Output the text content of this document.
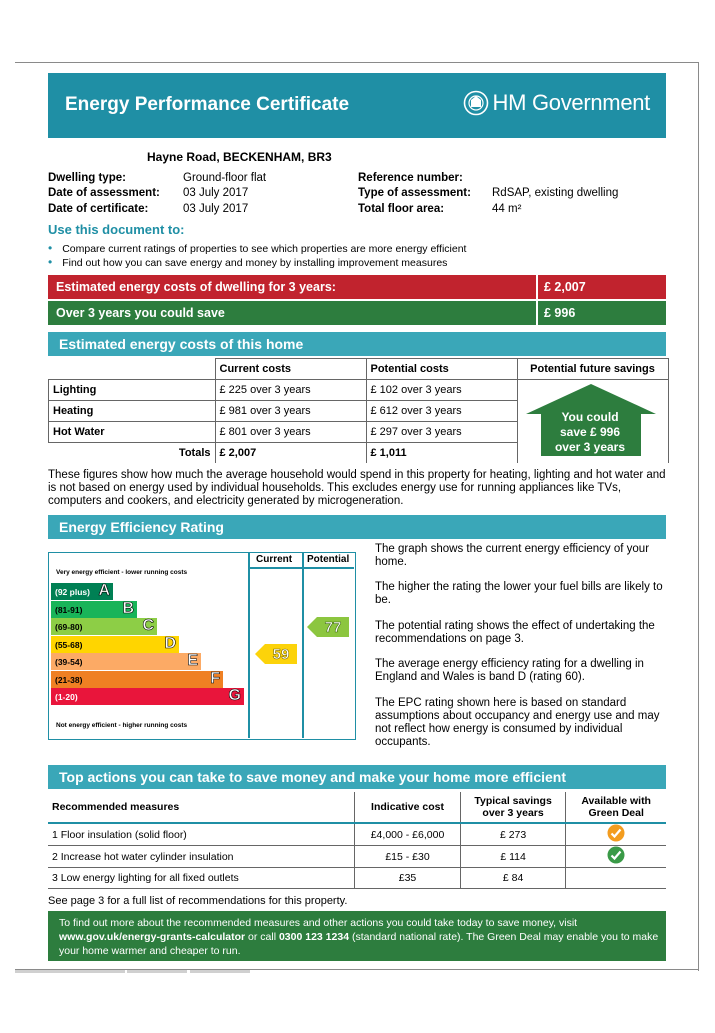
Energy Performance Certificate	HM Government
Hayne Road, BECKENHAM, BR3
Dwelling type:	Ground-floor flat
Date of assessment: 03 July 2017
Date of certificate:	03 July 2017
Reference number:
Type of assessment: RdSAP, existing dwelling
Total floor area:	44 m²
Use this document to:
• Compare current ratings of properties to see which properties are more energy efficient
• Find out how you can save energy and money by installing improvement measures
Estimated energy costs of dwelling for 3 years:	£ 2,007
Over 3 years you could save	£ 996
Estimated energy costs of this home
	Current costs	Potential costs	Potential future savings
Lighting	£ 225 over 3 years	£ 102 over 3 years	
Heating	£ 981 over 3 years	£ 612 over 3 years	
Hot Water	£ 801 over 3 years	£ 297 over 3 years	
Totals	£ 2,007	£ 1,011	
You could
save £ 996
over 3 years
These figures show how much the average household would spend in this property for heating, lighting and hot water and is not based on energy used by individual households. This excludes energy use for running appliances like TVs, computers and cookers, and electricity generated by microgeneration.
Energy Efficiency Rating
Current Potential
Very energy efficient - lower running costs
Not energy efficient - higher running costs
(92 plus) A
(81-91)	B
(69-80)	C
(55-68)	D
(39-54)	E
(21-38)	F
(1-20)	G
59
77
The graph shows the current energy efficiency of your home.
The higher the rating the lower your fuel bills are likely to be.
The potential rating shows the effect of undertaking the recommendations on page 3.
The average energy efficiency rating for a dwelling in England and Wales is band D (rating 60).
The EPC rating shown here is based on standard assumptions about occupancy and energy use and may not reflect how energy is consumed by individual occupants.
Top actions you can take to save money and make your home more efficient
Recommended measures	Indicative cost	Typical savings over 3 years	Available with Green Deal
1 Floor insulation (solid floor)	£4,000 - £6,000	£ 273	
2 Increase hot water cylinder insulation	£15 - £30	£ 114	
3 Low energy lighting for all fixed outlets	£35	£ 84	
See page 3 for a full list of recommendations for this property.
To find out more about the recommended measures and other actions you could take today to save money, visit
www.gov.uk/energy-grants-calculator or call 0300 123 1234 (standard national rate). The Green Deal may enable you to make your home warmer and cheaper to run.
